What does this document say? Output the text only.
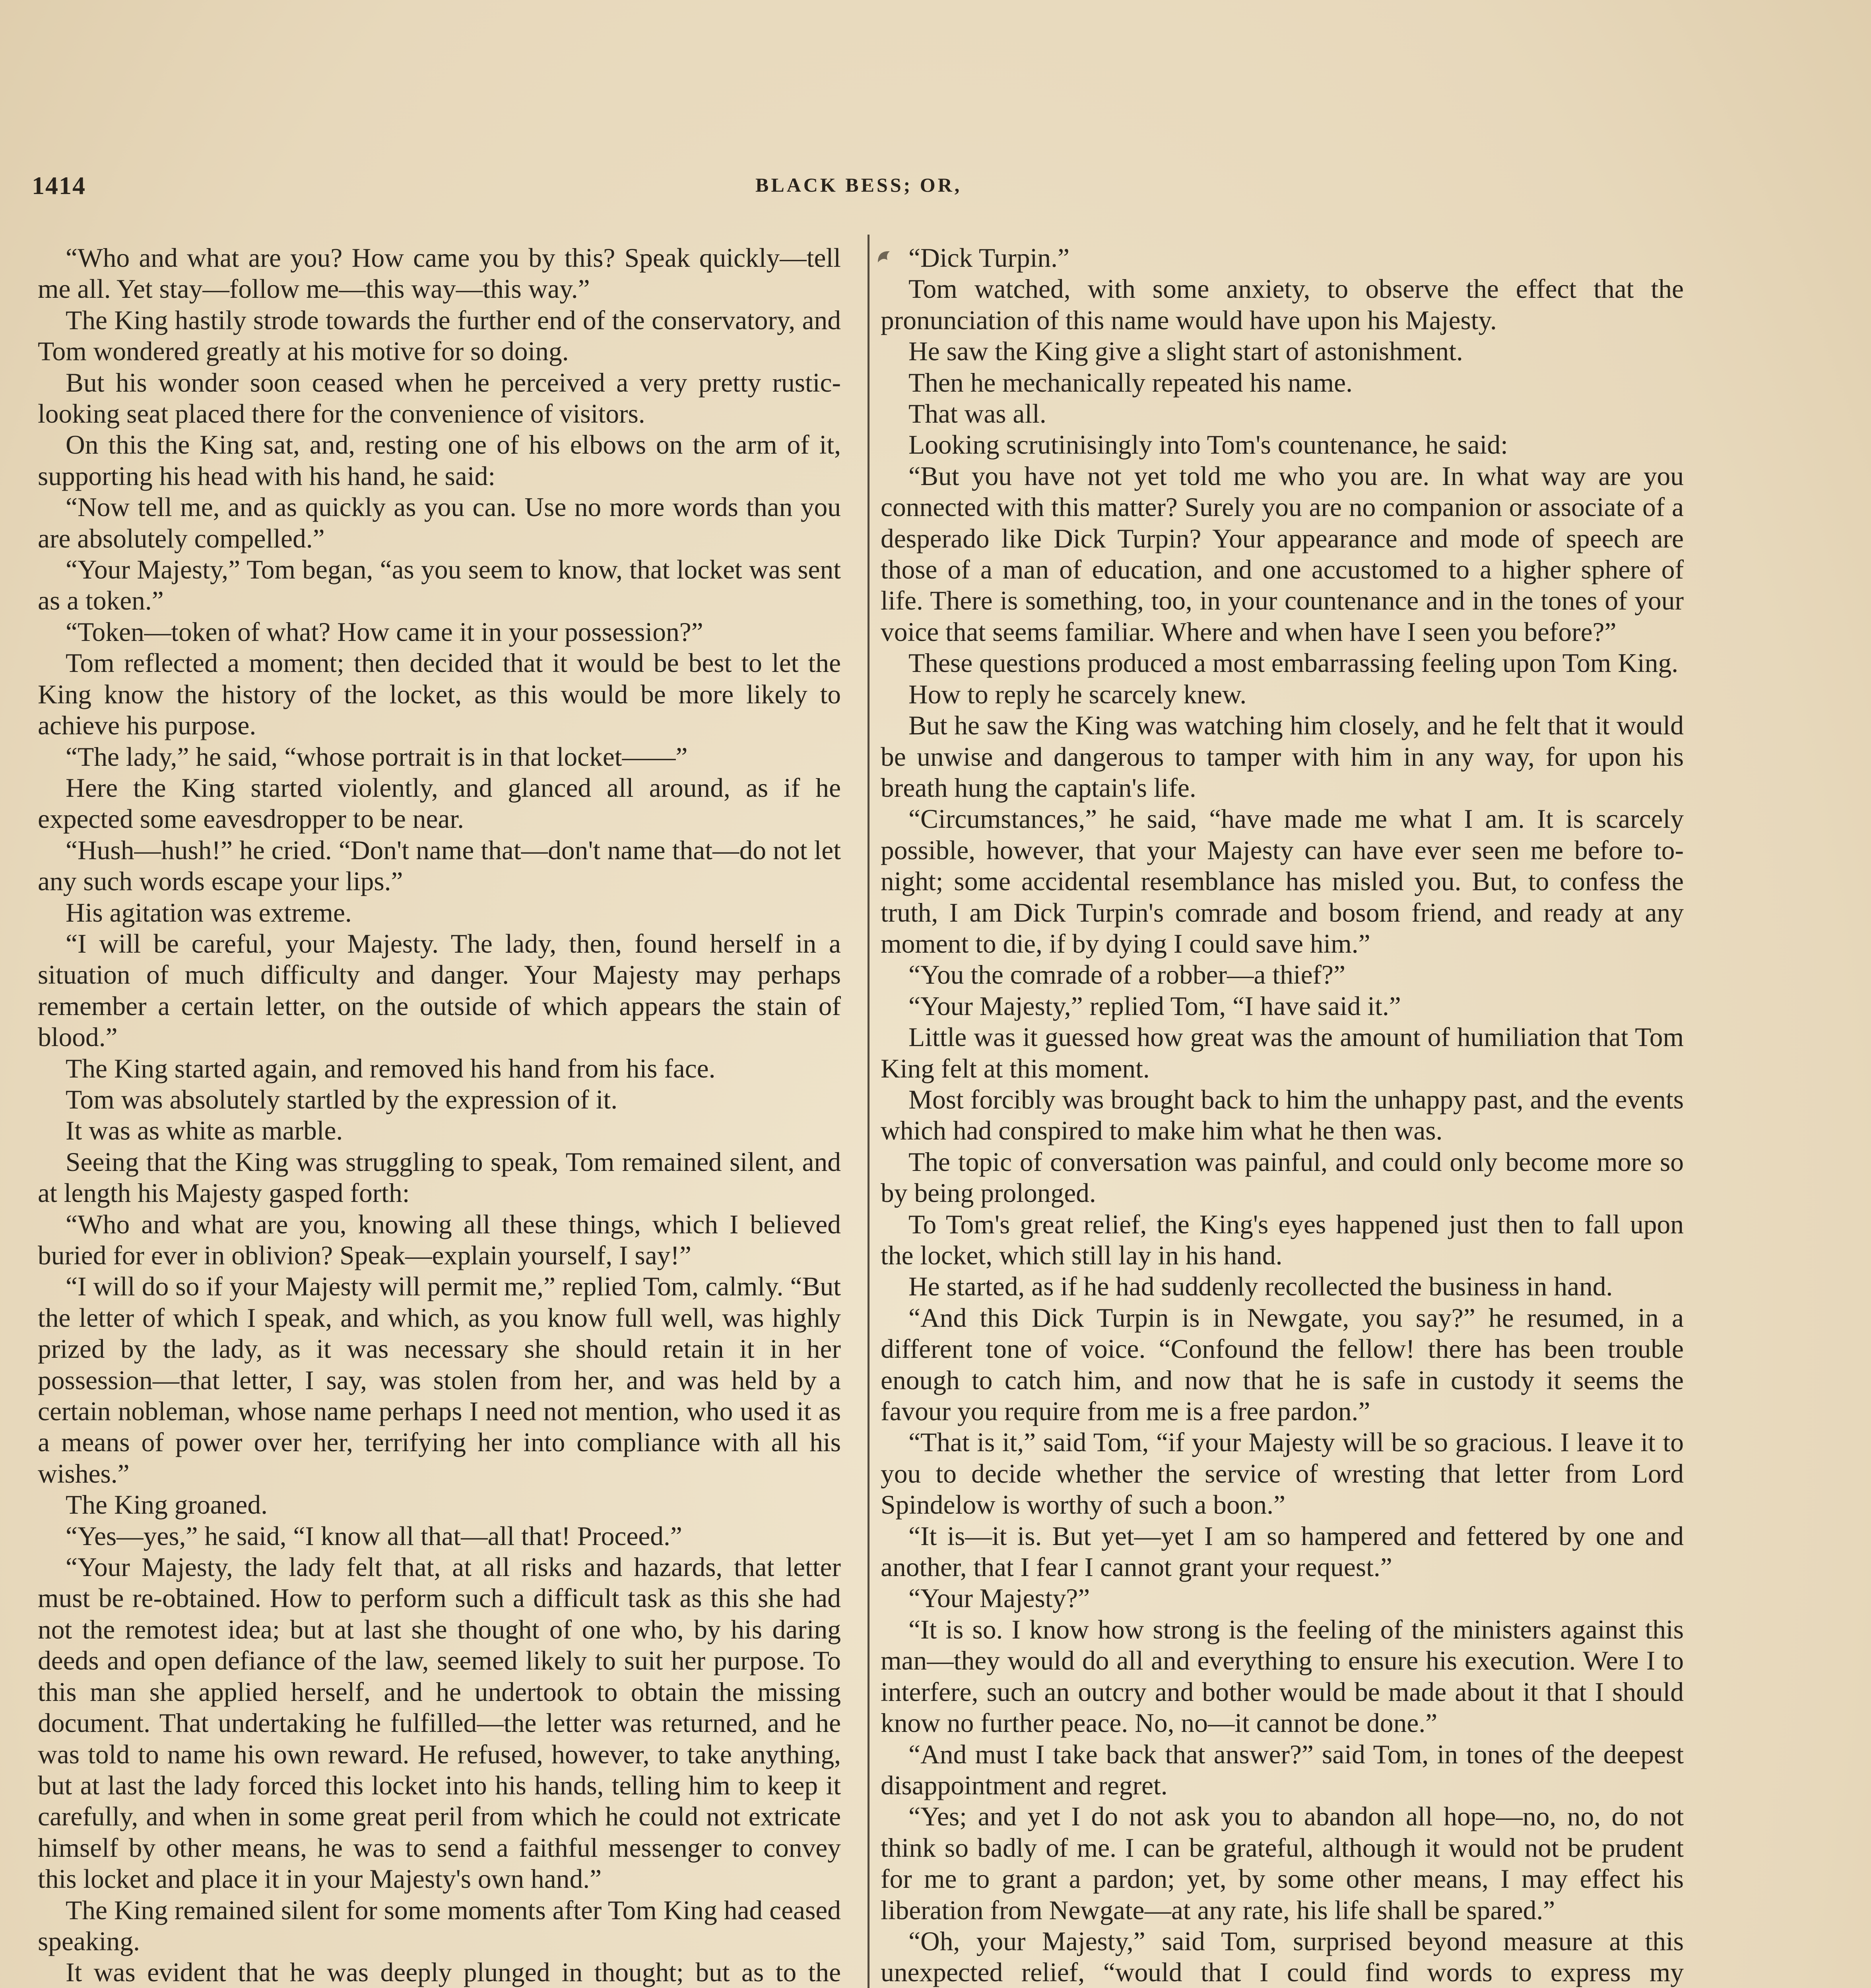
1414	BLACK BESS; OR,

“Who and what are you? How came you by this? Speak quickly—tell me all. Yet stay—follow me—this way—this way.”

The King hastily strode towards the further end of the conservatory, and Tom wondered greatly at his motive for so doing.

But his wonder soon ceased when he perceived a very pretty rustic-looking seat placed there for the convenience of visitors.

On this the King sat, and, resting one of his elbows on the arm of it, supporting his head with his hand, he said:

“Now tell me, and as quickly as you can. Use no more words than you are absolutely compelled.”

“Your Majesty,” Tom began, “as you seem to know, that locket was sent as a token.”

“Token—token of what? How came it in your possession?”

Tom reflected a moment; then decided that it would be best to let the King know the history of the locket, as this would be more likely to achieve his purpose.

“The lady,” he said, “whose portrait is in that locket——”

Here the King started violently, and glanced all around, as if he expected some eavesdropper to be near.

“Hush—hush!” he cried. “Don't name that—don't name that—do not let any such words escape your lips.”

His agitation was extreme.

“I will be careful, your Majesty. The lady, then, found herself in a situation of much difficulty and danger. Your Majesty may perhaps remember a certain letter, on the outside of which appears the stain of blood.”

The King started again, and removed his hand from his face.

Tom was absolutely startled by the expression of it.

It was as white as marble.

Seeing that the King was struggling to speak, Tom remained silent, and at length his Majesty gasped forth:

“Who and what are you, knowing all these things, which I believed buried for ever in oblivion? Speak—explain yourself, I say!”

“I will do so if your Majesty will permit me,” replied Tom, calmly. “But the letter of which I speak, and which, as you know full well, was highly prized by the lady, as it was necessary she should retain it in her possession—that letter, I say, was stolen from her, and was held by a certain nobleman, whose name perhaps I need not mention, who used it as a means of power over her, terrifying her into compliance with all his wishes.”

The King groaned.

“Yes—yes,” he said, “I know all that—all that! Proceed.”

“Your Majesty, the lady felt that, at all risks and hazards, that letter must be re-obtained. How to perform such a difficult task as this she had not the remotest idea; but at last she thought of one who, by his daring deeds and open defiance of the law, seemed likely to suit her purpose. To this man she applied herself, and he undertook to obtain the missing document. That undertaking he fulfilled—the letter was returned, and he was told to name his own reward. He refused, however, to take anything, but at last the lady forced this locket into his hands, telling him to keep it carefully, and when in some great peril from which he could not extricate himself by other means, he was to send a faithful messenger to convey this locket and place it in your Majesty's own hand.”

The King remained silent for some moments after Tom King had ceased speaking.

It was evident that he was deeply plunged in thought; but as to the

“Dick Turpin.”

Tom watched, with some anxiety, to observe the effect that the pronunciation of this name would have upon his Majesty.

He saw the King give a slight start of astonishment.

Then he mechanically repeated his name.

That was all.

Looking scrutinisingly into Tom's countenance, he said:

“But you have not yet told me who you are. In what way are you connected with this matter? Surely you are no companion or associate of a desperado like Dick Turpin? Your appearance and mode of speech are those of a man of education, and one accustomed to a higher sphere of life. There is something, too, in your countenance and in the tones of your voice that seems familiar. Where and when have I seen you before?”

These questions produced a most embarrassing feeling upon Tom King.

How to reply he scarcely knew.

But he saw the King was watching him closely, and he felt that it would be unwise and dangerous to tamper with him in any way, for upon his breath hung the captain's life.

“Circumstances,” he said, “have made me what I am. It is scarcely possible, however, that your Majesty can have ever seen me before to-night; some accidental resemblance has misled you. But, to confess the truth, I am Dick Turpin's comrade and bosom friend, and ready at any moment to die, if by dying I could save him.”

“You the comrade of a robber—a thief?”

“Your Majesty,” replied Tom, “I have said it.”

Little was it guessed how great was the amount of humiliation that Tom King felt at this moment.

Most forcibly was brought back to him the unhappy past, and the events which had conspired to make him what he then was.

The topic of conversation was painful, and could only become more so by being prolonged.

To Tom's great relief, the King's eyes happened just then to fall upon the locket, which still lay in his hand.

He started, as if he had suddenly recollected the business in hand.

“And this Dick Turpin is in Newgate, you say?” he resumed, in a different tone of voice. “Confound the fellow! there has been trouble enough to catch him, and now that he is safe in custody it seems the favour you require from me is a free pardon.”

“That is it,” said Tom, “if your Majesty will be so gracious. I leave it to you to decide whether the service of wresting that letter from Lord Spindelow is worthy of such a boon.”

“It is—it is. But yet—yet I am so hampered and fettered by one and another, that I fear I cannot grant your request.”

“Your Majesty?”

“It is so. I know how strong is the feeling of the ministers against this man—they would do all and everything to ensure his execution. Were I to interfere, such an outcry and bother would be made about it that I should know no further peace. No, no—it cannot be done.”

“And must I take back that answer?” said Tom, in tones of the deepest disappointment and regret.

“Yes; and yet I do not ask you to abandon all hope—no, no, do not think so badly of me. I can be grateful, although it would not be prudent for me to grant a pardon; yet, by some other means, I may effect his liberation from Newgate—at any rate, his life shall be spared.”

“Oh, your Majesty,” said Tom, surprised beyond measure at this unexpected relief, “would that I could find words to express my
